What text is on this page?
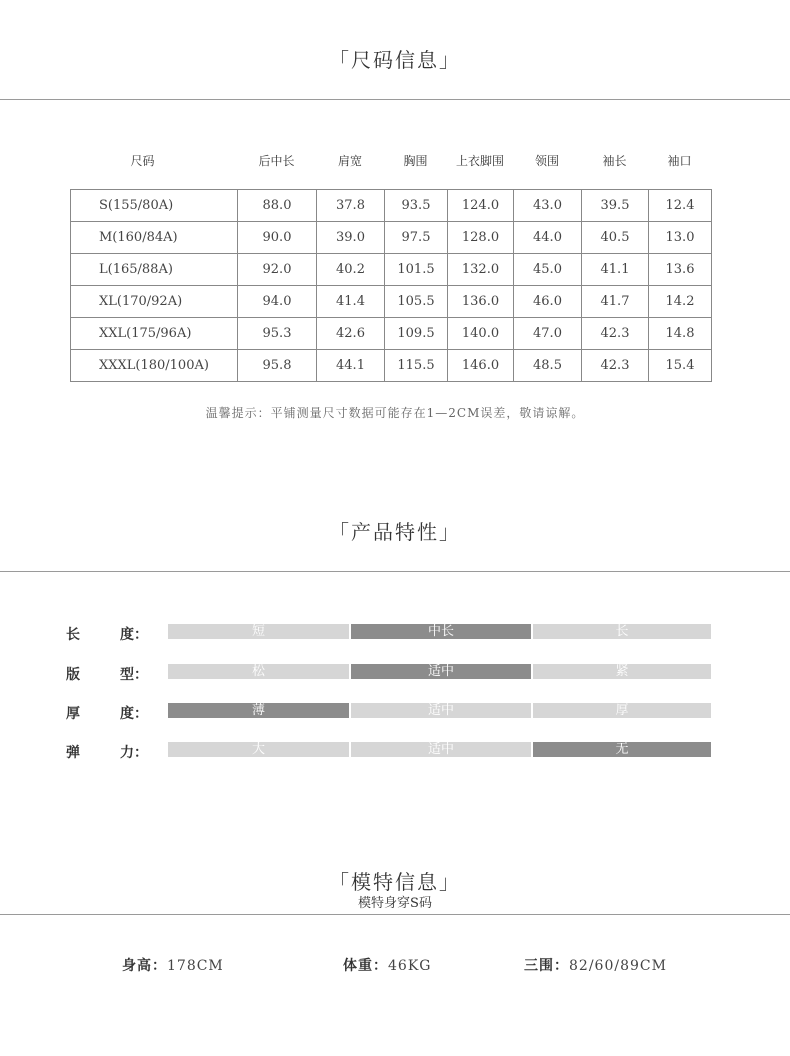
「尺码信息」
尺码	后中长	肩宽	胸围	上衣脚围	领围	袖长	袖口
S(155/80A)	88.0	37.8	93.5	124.0	43.0	39.5	12.4
M(160/84A)	90.0	39.0	97.5	128.0	44.0	40.5	13.0
L(165/88A)	92.0	40.2	101.5	132.0	45.0	41.1	13.6
XL(170/92A)	94.0	41.4	105.5	136.0	46.0	41.7	14.2
XXL(175/96A)	95.3	42.6	109.5	140.0	47.0	42.3	14.8
XXXL(180/100A)	95.8	44.1	115.5	146.0	48.5	42.3	15.4
温馨提示：平铺测量尺寸数据可能存在1—2CM误差，敬请谅解。
「产品特性」
长	度：	短	中长	长
版	型：	松	适中	紧
厚	度：	薄	适中	厚
弹	力：	大	适中	无
「模特信息」
模特身穿S码
身高：178CM	体重：46KG	三围：82/60/89CM
